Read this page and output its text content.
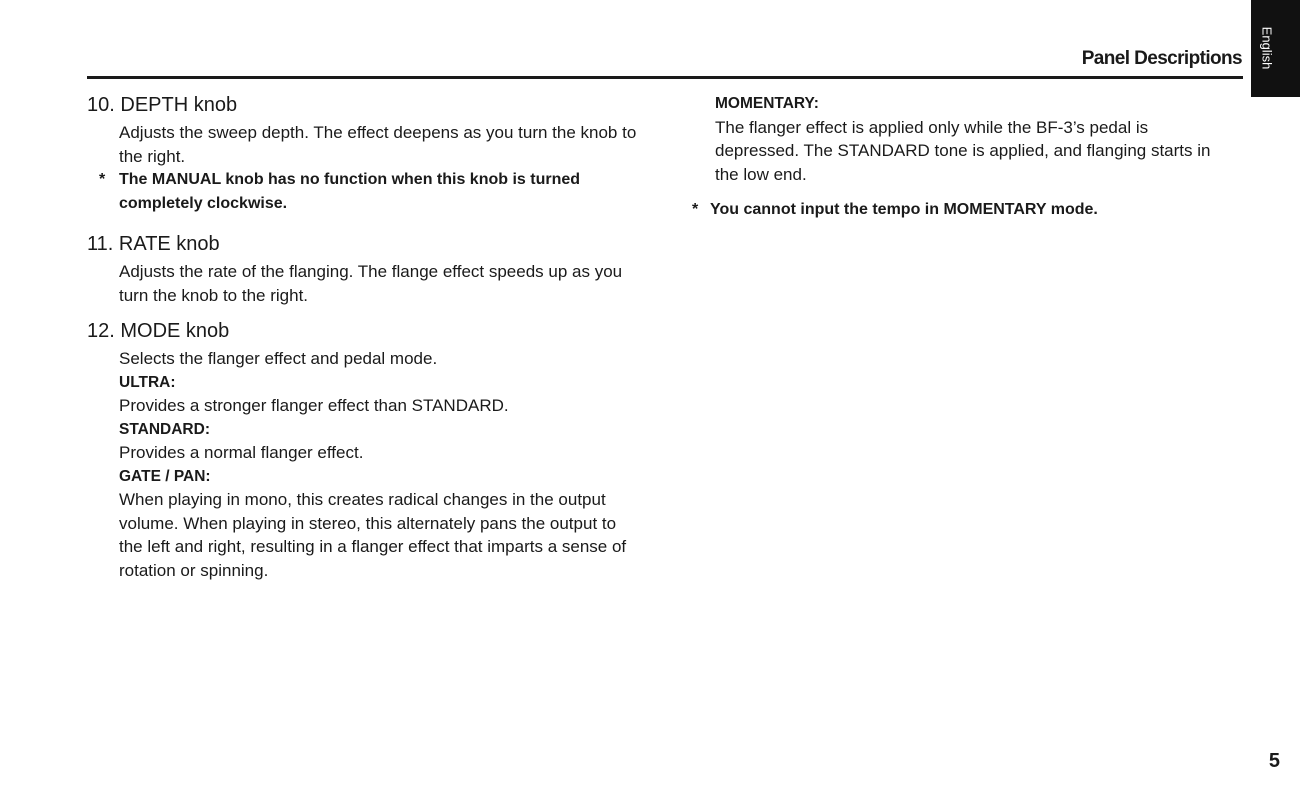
English
Panel Descriptions
10. DEPTH knob

Adjusts the sweep depth. The effect deepens as you turn the knob to the right.

* The MANUAL knob has no function when this knob is turned completely clockwise.
11. RATE knob

Adjusts the rate of the flanging. The flange effect speeds up as you turn the knob to the right.

12. MODE knob

Selects the flanger effect and pedal mode.

ULTRA:

Provides a stronger flanger effect than STANDARD.

STANDARD:

Provides a normal flanger effect.

GATE / PAN:

When playing in mono, this creates radical changes in the output volume. When playing in stereo, this alternately pans the output to the left and right, resulting in a flanger effect that imparts a sense of rotation or spinning.

MOMENTARY:

The flanger effect is applied only while the BF-3’s pedal is depressed. The STANDARD tone is applied, and flanging starts in the low end.

* You cannot input the tempo in MOMENTARY mode.
5
